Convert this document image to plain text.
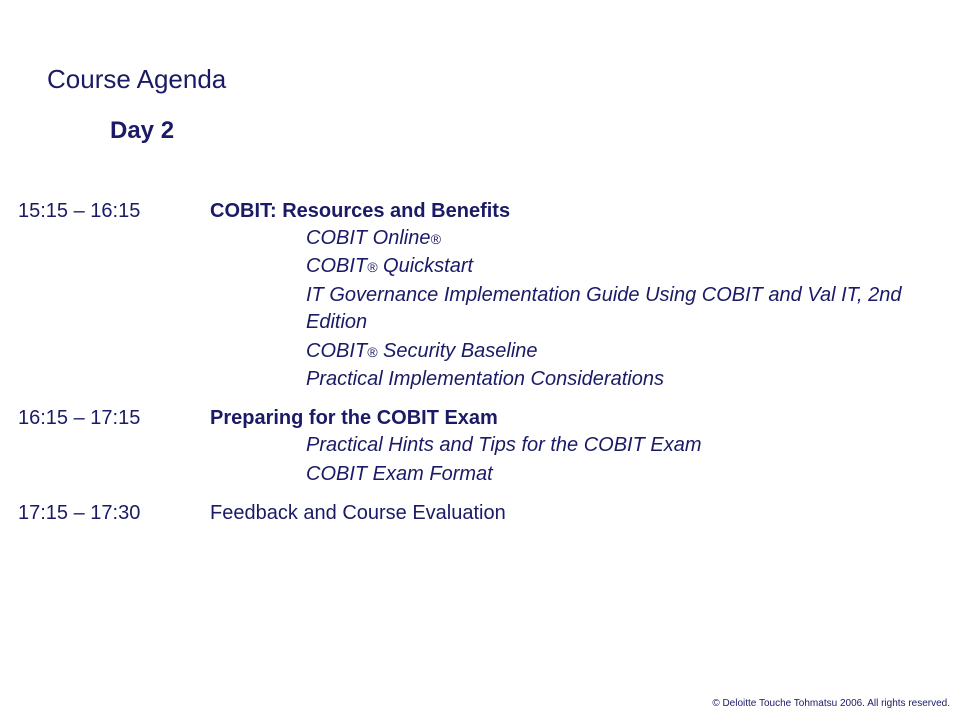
Course Agenda
Day 2
15:15 – 16:15	COBIT: Resources and Benefits
COBIT Online®
COBIT® Quickstart
IT Governance Implementation Guide Using COBIT and Val IT, 2nd Edition
COBIT® Security Baseline
Practical Implementation Considerations
16:15 – 17:15	Preparing for the COBIT Exam
Practical Hints and Tips for the COBIT Exam
COBIT Exam Format
17:15 – 17:30	Feedback and Course Evaluation
© Deloitte Touche Tohmatsu 2006. All rights reserved.
